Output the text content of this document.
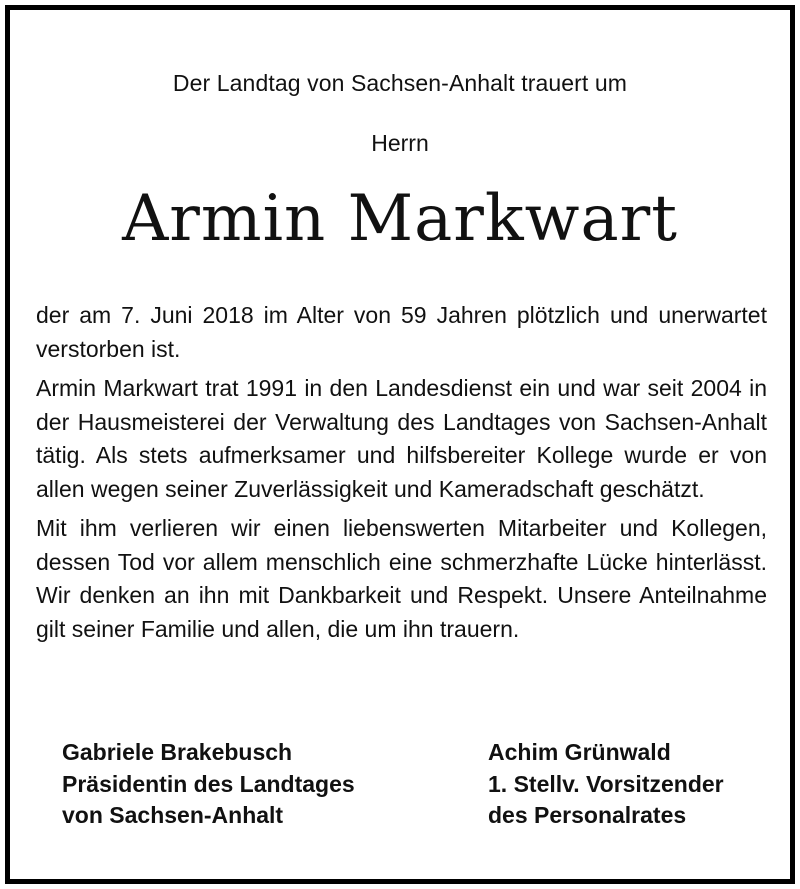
Der Landtag von Sachsen-Anhalt trauert um
Herrn
Armin Markwart

der am 7. Juni 2018 im Alter von 59 Jahren plötzlich und unerwartet verstorben ist.

Armin Markwart trat 1991 in den Landesdienst ein und war seit 2004 in der Hausmeisterei der Verwaltung des Landtages von Sachsen-Anhalt tätig. Als stets aufmerksamer und hilfsbereiter Kollege wurde er von allen wegen seiner Zuverlässigkeit und Kameradschaft geschätzt.

Mit ihm verlieren wir einen liebenswerten Mitarbeiter und Kollegen, dessen Tod vor allem menschlich eine schmerzhafte Lücke hinterlässt. Wir denken an ihn mit Dankbarkeit und Respekt. Unsere Anteilnahme gilt seiner Familie und allen, die um ihn trauern.

Gabriele Brakebusch
Präsidentin des Landtages
von Sachsen-Anhalt
Achim Grünwald
1. Stellv. Vorsitzender
des Personalrates
